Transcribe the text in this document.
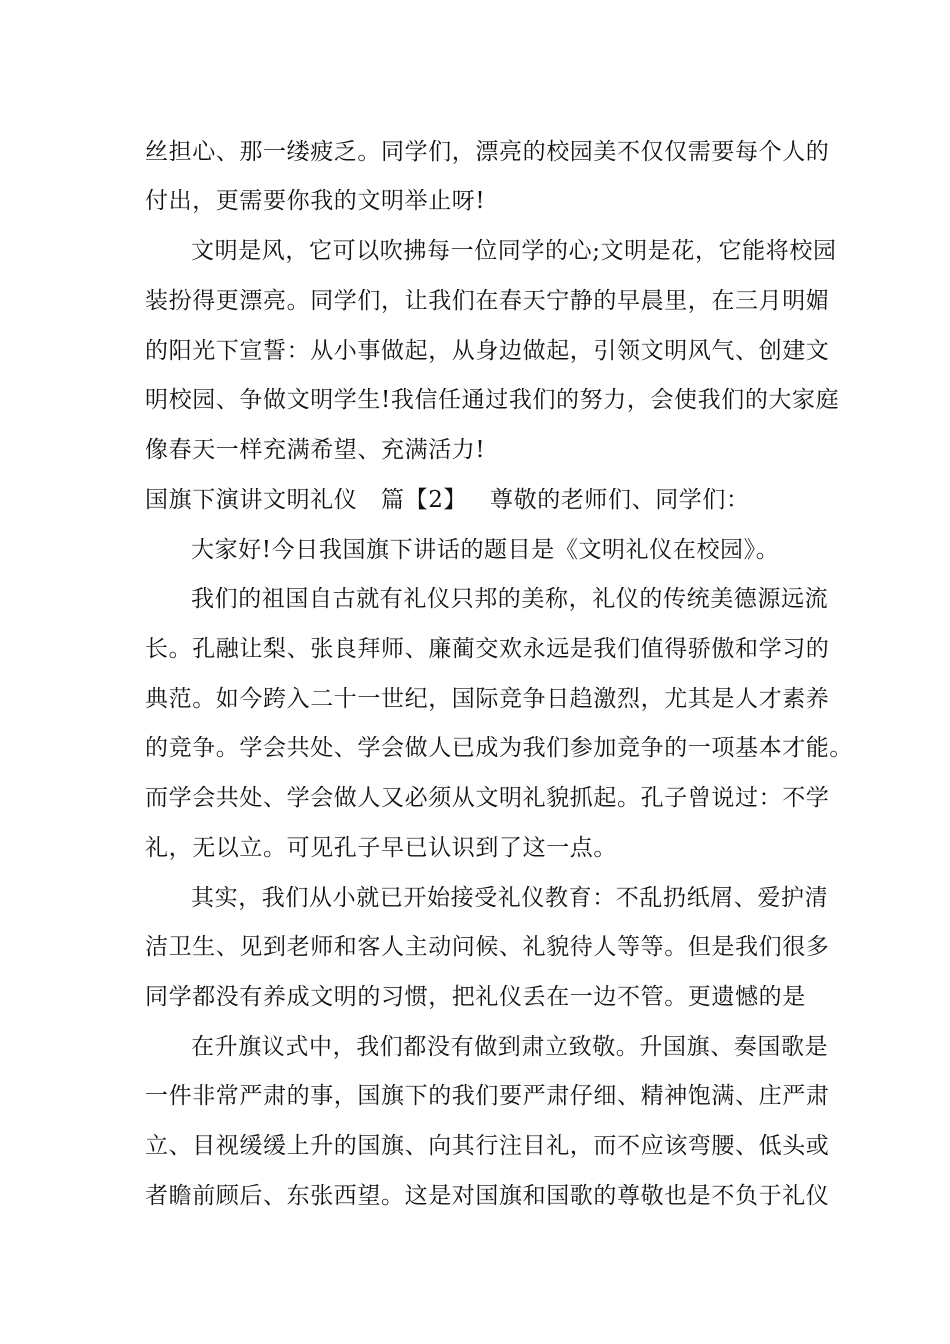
丝担心、那一缕疲乏。同学们，漂亮的校园美不仅仅需要每个人的
付出，更需要你我的文明举止呀!
文明是风，它可以吹拂每一位同学的心;文明是花，它能将校园
装扮得更漂亮。同学们，让我们在春天宁静的早晨里，在三月明媚
的阳光下宣誓：从小事做起，从身边做起，引领文明风气、创建文
明校园、争做文明学生!我信任通过我们的努力，会使我们的大家庭
像春天一样充满希望、充满活力!
国旗下演讲文明礼仪　篇【2】 尊敬的老师们、同学们：
大家好!今日我国旗下讲话的题目是《文明礼仪在校园》。
我们的祖国自古就有礼仪只邦的美称，礼仪的传统美德源远流
长。孔融让梨、张良拜师、廉蔺交欢永远是我们值得骄傲和学习的
典范。如今跨入二十一世纪，国际竞争日趋激烈，尤其是人才素养
的竞争。学会共处、学会做人已成为我们参加竞争的一项基本才能。
而学会共处、学会做人又必须从文明礼貌抓起。孔子曾说过：不学
礼，无以立。可见孔子早已认识到了这一点。
其实，我们从小就已开始接受礼仪教育：不乱扔纸屑、爱护清
洁卫生、见到老师和客人主动问候、礼貌待人等等。但是我们很多
同学都没有养成文明的习惯，把礼仪丢在一边不管。更遗憾的是
在升旗议式中，我们都没有做到肃立致敬。升国旗、奏国歌是
一件非常严肃的事，国旗下的我们要严肃仔细、精神饱满、庄严肃
立、目视缓缓上升的国旗、向其行注目礼，而不应该弯腰、低头或
者瞻前顾后、东张西望。这是对国旗和国歌的尊敬也是不负于礼仪
